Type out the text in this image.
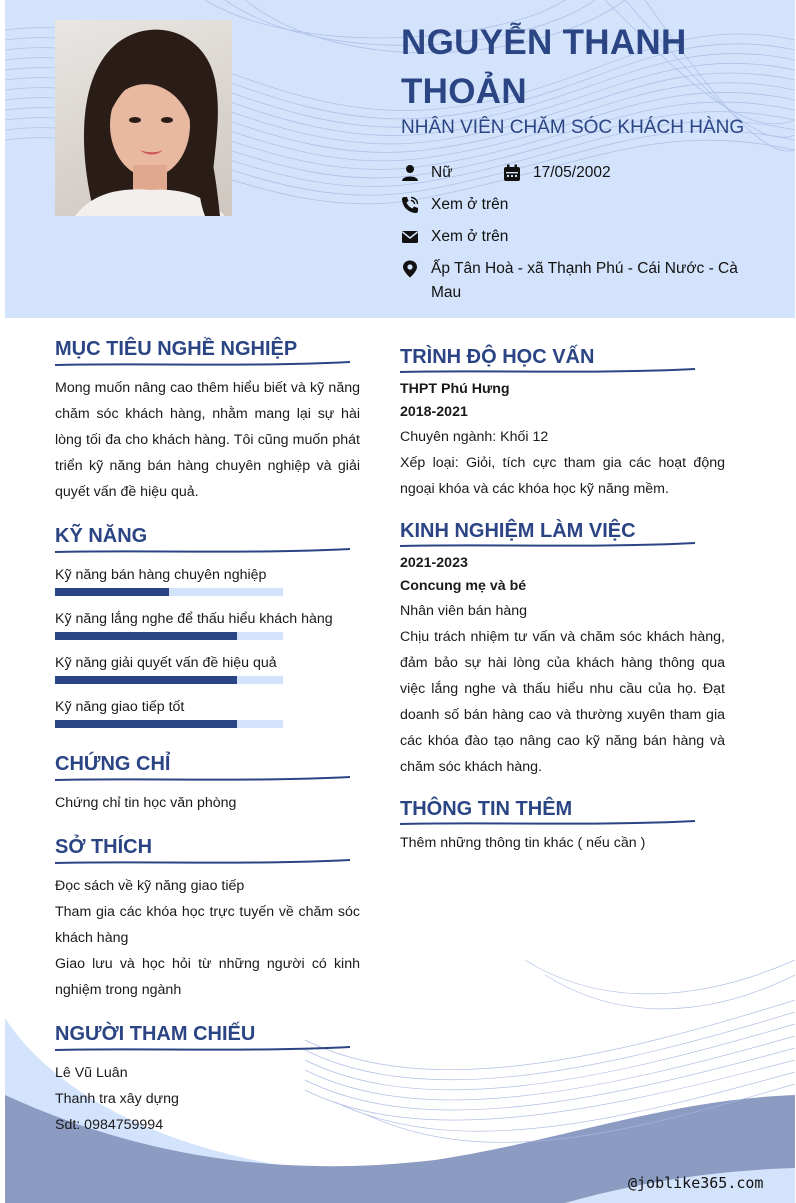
NGUYỄN THANH THOẢN

NHÂN VIÊN CHĂM SÓC KHÁCH HÀNG

Nữ	17/05/2002
Xem ở trên
Xem ở trên
Ấp Tân Hoà - xã Thạnh Phú - Cái Nước - Cà Mau
MỤC TIÊU NGHỀ NGHIỆP

Mong muốn nâng cao thêm hiểu biết và kỹ năng chăm sóc khách hàng, nhằm mang lại sự hài lòng tối đa cho khách hàng. Tôi cũng muốn phát triển kỹ năng bán hàng chuyên nghiệp và giải quyết vấn đề hiệu quả.

KỸ NĂNG
Kỹ năng bán hàng chuyên nghiệp
Kỹ năng lắng nghe để thấu hiểu khách hàng
Kỹ năng giải quyết vấn đề hiệu quả
Kỹ năng giao tiếp tốt
CHỨNG CHỈ
Chứng chỉ tin học văn phòng
SỞ THÍCH

Đọc sách về kỹ năng giao tiếp

Tham gia các khóa học trực tuyến về chăm sóc khách hàng

Giao lưu và học hỏi từ những người có kinh nghiệm trong ngành

NGƯỜI THAM CHIẾU

Lê Vũ Luân

Thanh tra xây dựng

Sdt: 0984759994

TRÌNH ĐỘ HỌC VẤN
THPT Phú Hưng
2018-2021
Chuyên ngành: Khối 12

Xếp loại: Giỏi, tích cực tham gia các hoạt động ngoại khóa và các khóa học kỹ năng mềm.

KINH NGHIỆM LÀM VIỆC
2021-2023
Concung mẹ và bé
Nhân viên bán hàng

Chịu trách nhiệm tư vấn và chăm sóc khách hàng, đảm bảo sự hài lòng của khách hàng thông qua việc lắng nghe và thấu hiểu nhu cầu của họ. Đạt doanh số bán hàng cao và thường xuyên tham gia các khóa đào tạo nâng cao kỹ năng bán hàng và chăm sóc khách hàng.

THÔNG TIN THÊM
Thêm những thông tin khác ( nếu cần )
@joblike365.com
